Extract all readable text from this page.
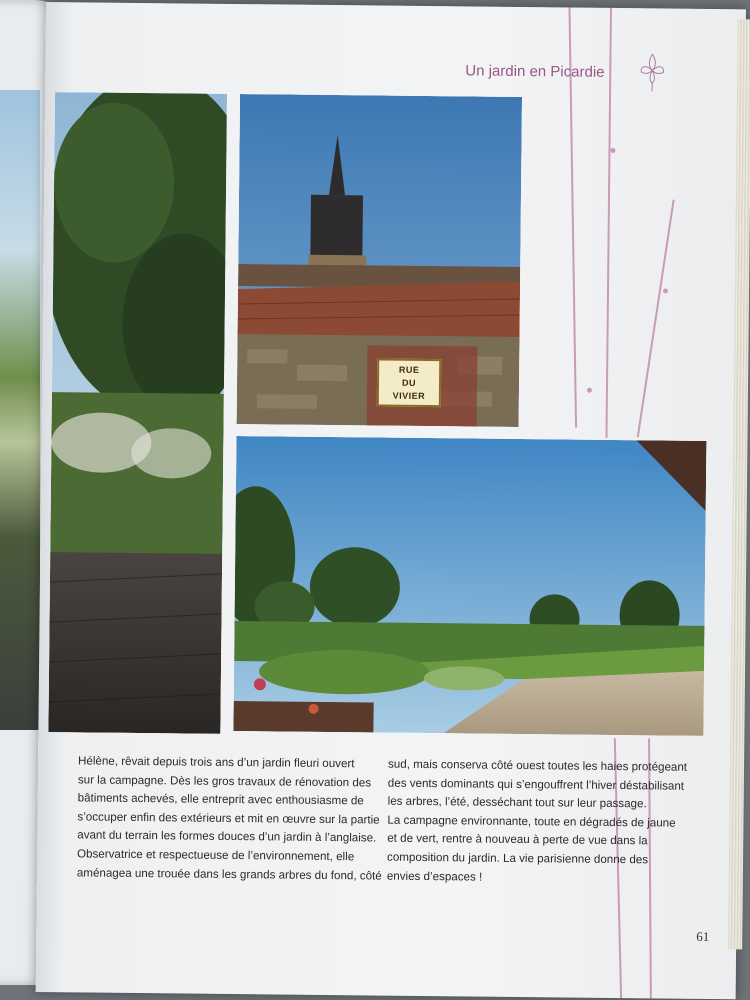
Un jardin en Picardie
RUE
DU
VIVIER
Hélène, rêvait depuis trois ans d’un jardin fleuri ouvert
sur la campagne. Dès les gros travaux de rénovation des
bâtiments achevés, elle entreprit avec enthousiasme de
s’occuper enfin des extérieurs et mit en œuvre sur la partie
avant du terrain les formes douces d’un jardin à l’anglaise.
Observatrice et respectueuse de l’environnement, elle
aménagea une trouée dans les grands arbres du fond, côté
sud, mais conserva côté ouest toutes les haies protégeant
des vents dominants qui s’engouffrent l’hiver déstabilisant
les arbres, l’été, desséchant tout sur leur passage.
La campagne environnante, toute en dégradés de jaune
et de vert, rentre à nouveau à perte de vue dans la
composition du jardin. La vie parisienne donne des
envies d’espaces !
61
